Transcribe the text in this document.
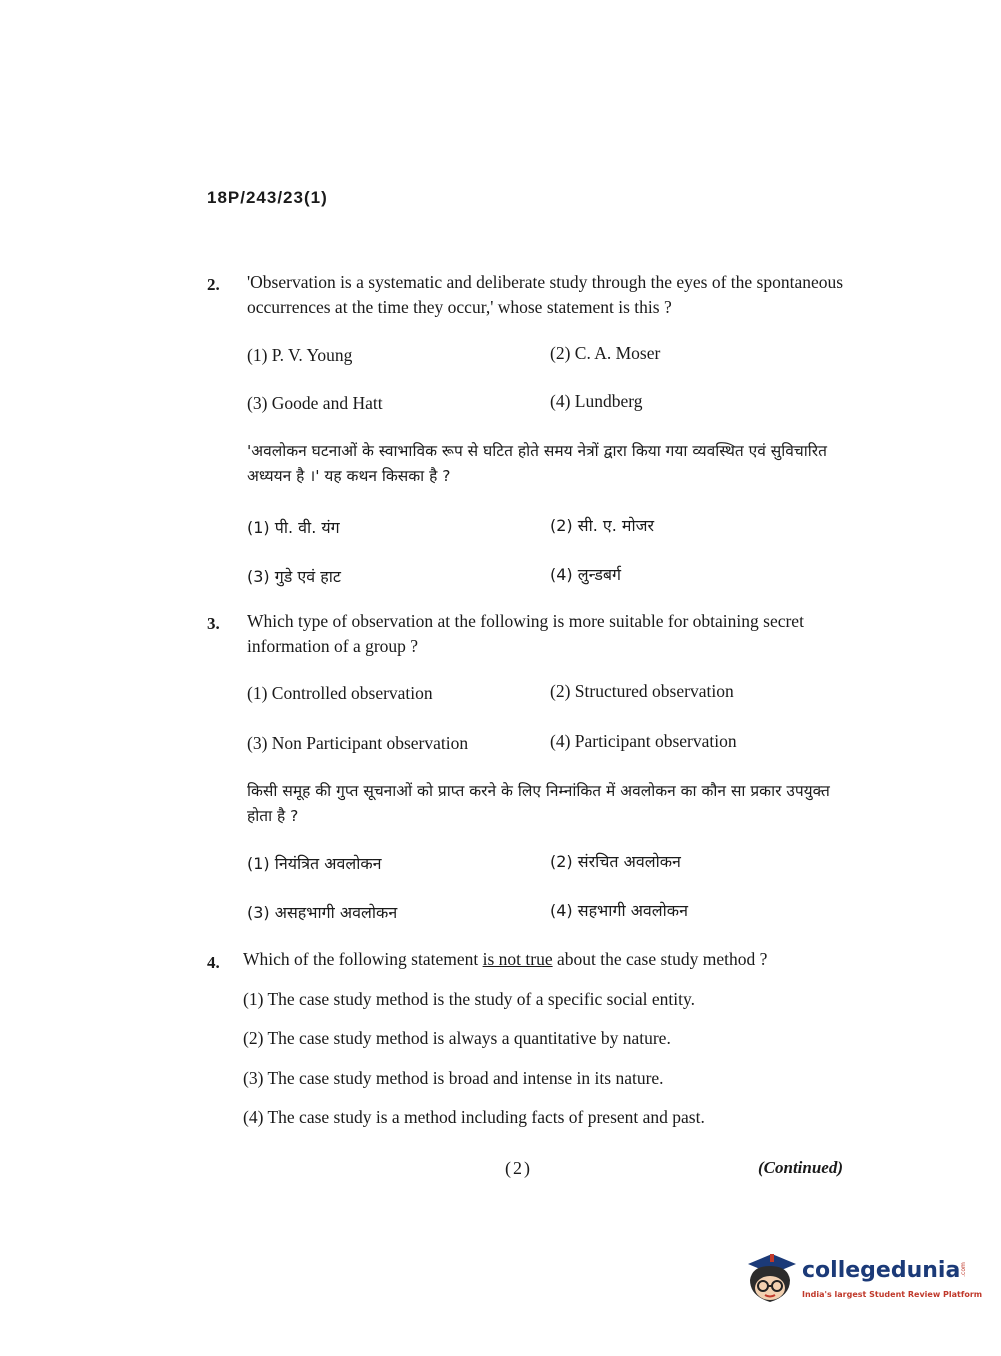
18P/243/23(1)
2. 'Observation is a systematic and deliberate study through the eyes of the spontaneous occurrences at the time they occur,' whose statement is this ?
(1) P. V. Young	(2) C. A. Moser
(3) Goode and Hatt	(4) Lundberg
'अवलोकन घटनाओं के स्वाभाविक रूप से घटित होते समय नेत्रों द्वारा किया गया व्यवस्थित एवं सुविचारित अध्ययन है ।' यह कथन किसका है ?
(1) पी. वी. यंग	(2) सी. ए. मोजर
(3) गुडे एवं हाट	(4) लुन्डबर्ग
3. Which type of observation at the following is more suitable for obtaining secret information of a group ?
(1) Controlled observation	(2) Structured observation
(3) Non Participant observation	(4) Participant observation
किसी समूह की गुप्त सूचनाओं को प्राप्त करने के लिए निम्नांकित में अवलोकन का कौन सा प्रकार उपयुक्त होता है ?
(1) नियंत्रित अवलोकन	(2) संरचित अवलोकन
(3) असहभागी अवलोकन	(4) सहभागी अवलोकन
4. Which of the following statement is not true about the case study method ?
(1) The case study method is the study of a specific social entity.
(2) The case study method is always a quantitative by nature.
(3) The case study method is broad and intense in its nature.
(4) The case study is a method including facts of present and past.
(2)	(Continued)
collegedunia .com
India's largest Student Review Platform
